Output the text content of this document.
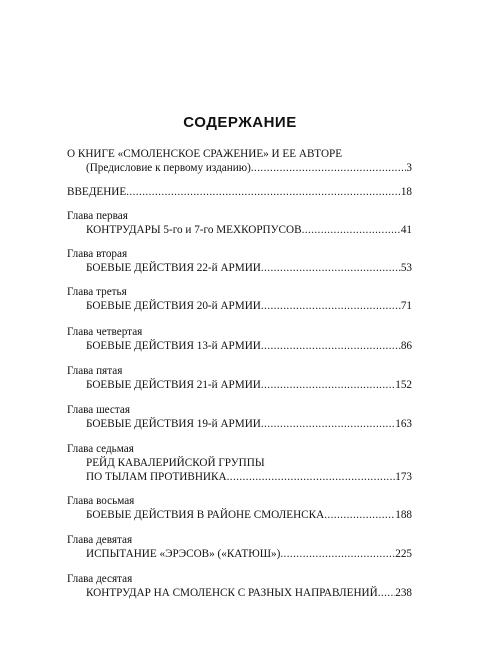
СОДЕРЖАНИЕ
О КНИГЕ «СМОЛЕНСКОЕ СРАЖЕНИЕ» И ЕЕ АВТОРЕ
(Предисловие к первому изданию) .....	3
ВВЕДЕНИЕ .....	18
Глава первая
КОНТРУДАРЫ 5-го и 7-го МЕХКОРПУСОВ .....	41
Глава вторая
БОЕВЫЕ ДЕЙСТВИЯ 22-й АРМИИ .....	53
Глава третья
БОЕВЫЕ ДЕЙСТВИЯ 20-й АРМИИ .....	71
Глава четвертая
БОЕВЫЕ ДЕЙСТВИЯ 13-й АРМИИ .....	86
Глава пятая
БОЕВЫЕ ДЕЙСТВИЯ 21-й АРМИИ .....	152
Глава шестая
БОЕВЫЕ ДЕЙСТВИЯ 19-й АРМИИ .....	163
Глава седьмая
РЕЙД КАВАЛЕРИЙСКОЙ ГРУППЫ
ПО ТЫЛАМ ПРОТИВНИКА .....	173
Глава восьмая
БОЕВЫЕ ДЕЙСТВИЯ В РАЙОНЕ СМОЛЕНСКА .....	188
Глава девятая
ИСПЫТАНИЕ «ЭРЭСОВ» («КАТЮШ») .....	225
Глава десятая
КОНТРУДАР НА СМОЛЕНСК С РАЗНЫХ НАПРАВЛЕНИЙ ..... 238
